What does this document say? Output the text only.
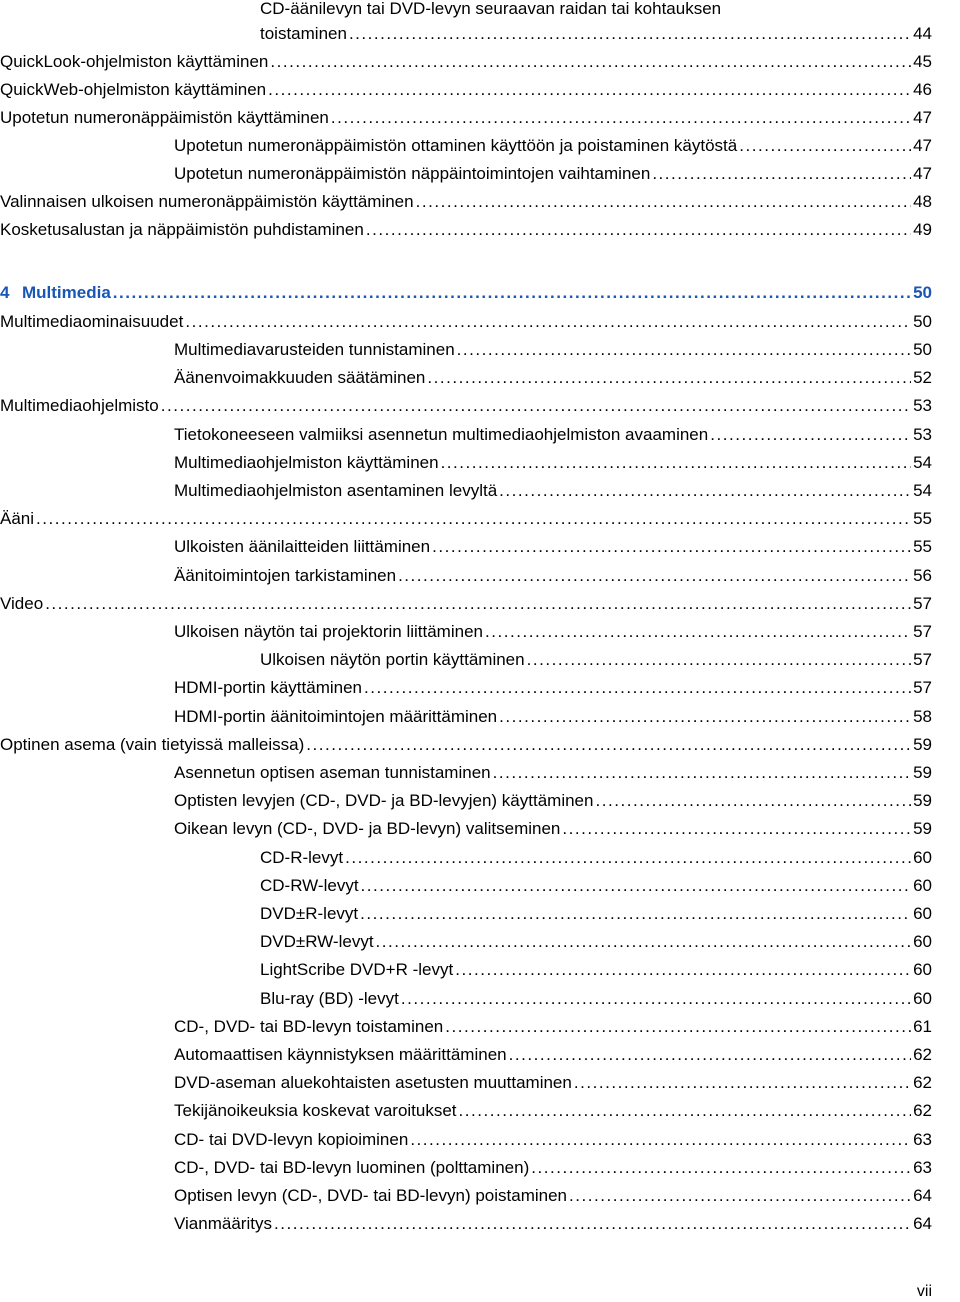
CD-äänilevyn tai DVD-levyn seuraavan raidan tai kohtauksen
toistaminen . . .	44
QuickLook-ohjelmiston käyttäminen . . .	45
QuickWeb-ohjelmiston käyttäminen . . .	46
Upotetun numeronäppäimistön käyttäminen . . .	47
Upotetun numeronäppäimistön ottaminen käyttöön ja poistaminen käytöstä . . .	47
Upotetun numeronäppäimistön näppäintoimintojen vaihtaminen . . .	47
Valinnaisen ulkoisen numeronäppäimistön käyttäminen . . .	48
Kosketusalustan ja näppäimistön puhdistaminen . . .	49
4 Multimedia . . .	50
Multimediaominaisuudet . . .	50
Multimediavarusteiden tunnistaminen . . .	50
Äänenvoimakkuuden säätäminen . . .	52
Multimediaohjelmisto . . .	53
Tietokoneeseen valmiiksi asennetun multimediaohjelmiston avaaminen . . .	53
Multimediaohjelmiston käyttäminen . . .	54
Multimediaohjelmiston asentaminen levyltä . . .	54
Ääni . . .	55
Ulkoisten äänilaitteiden liittäminen . . .	55
Äänitoimintojen tarkistaminen . . .	56
Video . . .	57
Ulkoisen näytön tai projektorin liittäminen . . .	57
Ulkoisen näytön portin käyttäminen . . .	57
HDMI-portin käyttäminen . . .	57
HDMI-portin äänitoimintojen määrittäminen . . .	58
Optinen asema (vain tietyissä malleissa) . . .	59
Asennetun optisen aseman tunnistaminen . . .	59
Optisten levyjen (CD-, DVD- ja BD-levyjen) käyttäminen . . .	59
Oikean levyn (CD-, DVD- ja BD-levyn) valitseminen . . .	59
CD-R-levyt . . .	60
CD-RW-levyt . . .	60
DVD±R-levyt . . .	60
DVD±RW-levyt . . .	60
LightScribe DVD+R -levyt . . .	60
Blu-ray (BD) -levyt . . .	60
CD-, DVD- tai BD-levyn toistaminen . . .	61
Automaattisen käynnistyksen määrittäminen . . .	62
DVD-aseman aluekohtaisten asetusten muuttaminen . . .	62
Tekijänoikeuksia koskevat varoitukset . . .	62
CD- tai DVD-levyn kopioiminen . . .	63
CD-, DVD- tai BD-levyn luominen (polttaminen) . . .	63
Optisen levyn (CD-, DVD- tai BD-levyn) poistaminen . . .	64
Vianmääritys . . .	64
vii
